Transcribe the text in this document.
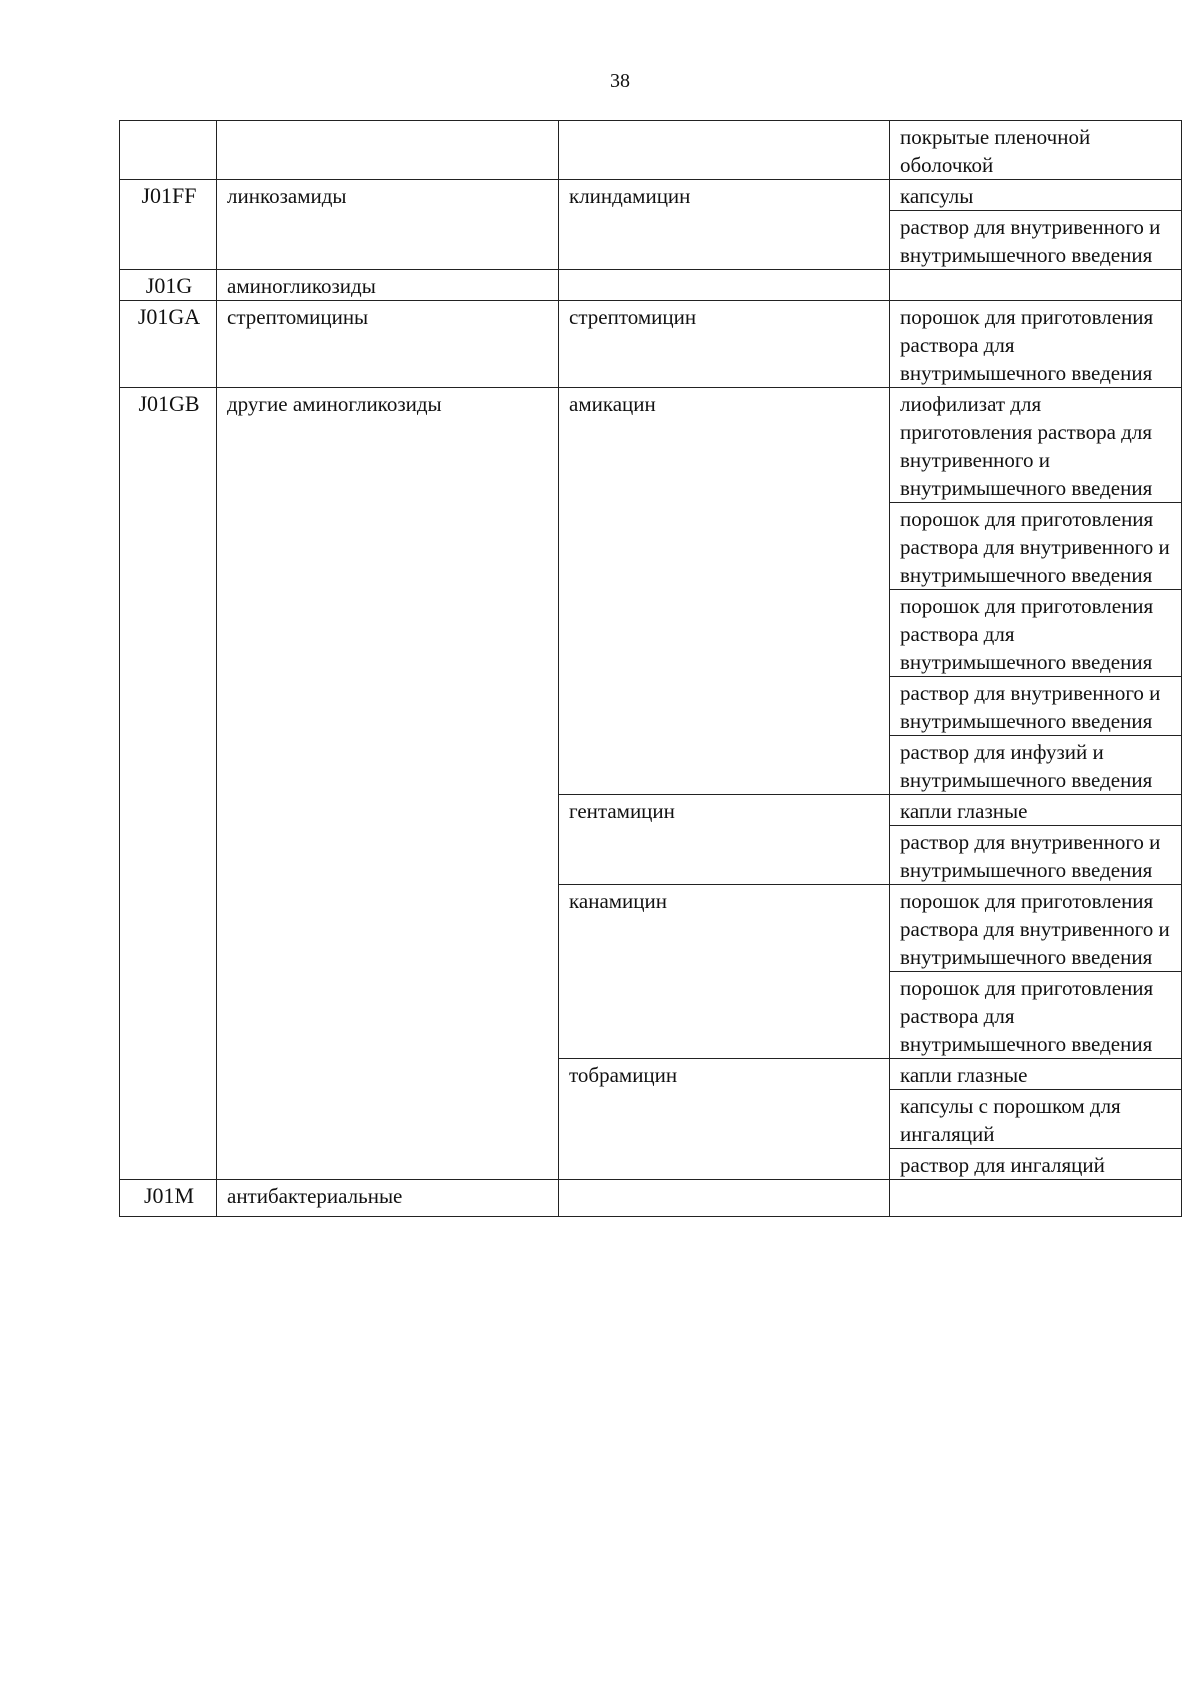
38
			покрытые пленочной оболочкой
J01FF	линкозамиды	клиндамицин	капсулы
			раствор для внутривенного и внутримышечного введения
J01G	аминогликозиды		
J01GA	стрептомицины	стрептомицин	порошок для приготовления раствора для внутримышечного введения
J01GB	другие аминогликозиды	амикацин	лиофилизат для приготовления раствора для внутривенного и внутримышечного введения
			порошок для приготовления раствора для внутривенного и внутримышечного введения
			порошок для приготовления раствора для внутримышечного введения
			раствор для внутривенного и внутримышечного введения
			раствор для инфузий и внутримышечного введения
		гентамицин	капли глазные
			раствор для внутривенного и внутримышечного введения
		канамицин	порошок для приготовления раствора для внутривенного и внутримышечного введения
			порошок для приготовления раствора для внутримышечного введения
		тобрамицин	капли глазные
			капсулы с порошком для ингаляций
			раствор для ингаляций
J01M	антибактериальные		
